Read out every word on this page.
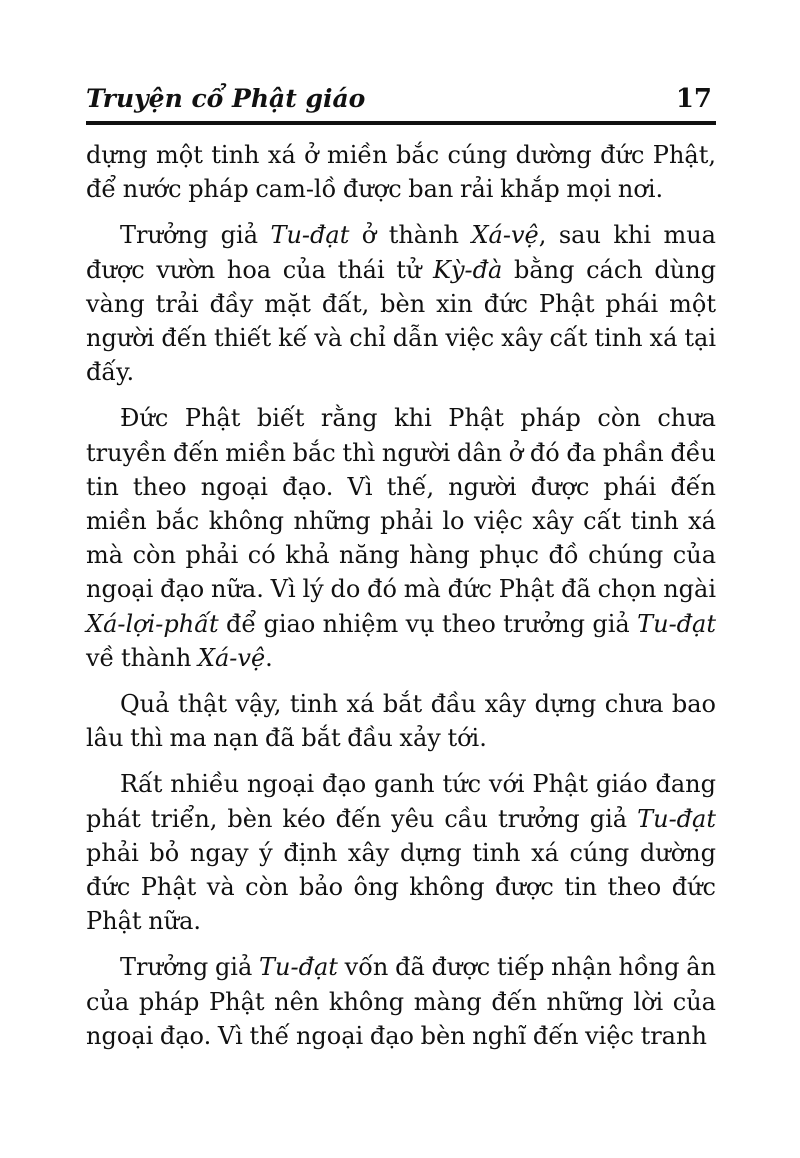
Truyện cổ Phật giáo	17

dựng một tinh xá ở miền bắc cúng dường đức Phật, để nước pháp cam-lồ được ban rải khắp mọi nơi.

Trưởng giả Tu-đạt ở thành Xá-vệ, sau khi mua được vườn hoa của thái tử Kỳ-đà bằng cách dùng vàng trải đầy mặt đất, bèn xin đức Phật phái một người đến thiết kế và chỉ dẫn việc xây cất tinh xá tại đấy.

Đức Phật biết rằng khi Phật pháp còn chưa truyền đến miền bắc thì người dân ở đó đa phần đều tin theo ngoại đạo. Vì thế, người được phái đến miền bắc không những phải lo việc xây cất tinh xá mà còn phải có khả năng hàng phục đồ chúng của ngoại đạo nữa. Vì lý do đó mà đức Phật đã chọn ngài Xá-lợi-phất để giao nhiệm vụ theo trưởng giả Tu-đạt về thành Xá-vệ.

Quả thật vậy, tinh xá bắt đầu xây dựng chưa bao lâu thì ma nạn đã bắt đầu xảy tới.

Rất nhiều ngoại đạo ganh tức với Phật giáo đang phát triển, bèn kéo đến yêu cầu trưởng giả Tu-đạt phải bỏ ngay ý định xây dựng tinh xá cúng dường đức Phật và còn bảo ông không được tin theo đức Phật nữa.

Trưởng giả Tu-đạt vốn đã được tiếp nhận hồng ân của pháp Phật nên không màng đến những lời của ngoại đạo. Vì thế ngoại đạo bèn nghĩ đến việc tranh
